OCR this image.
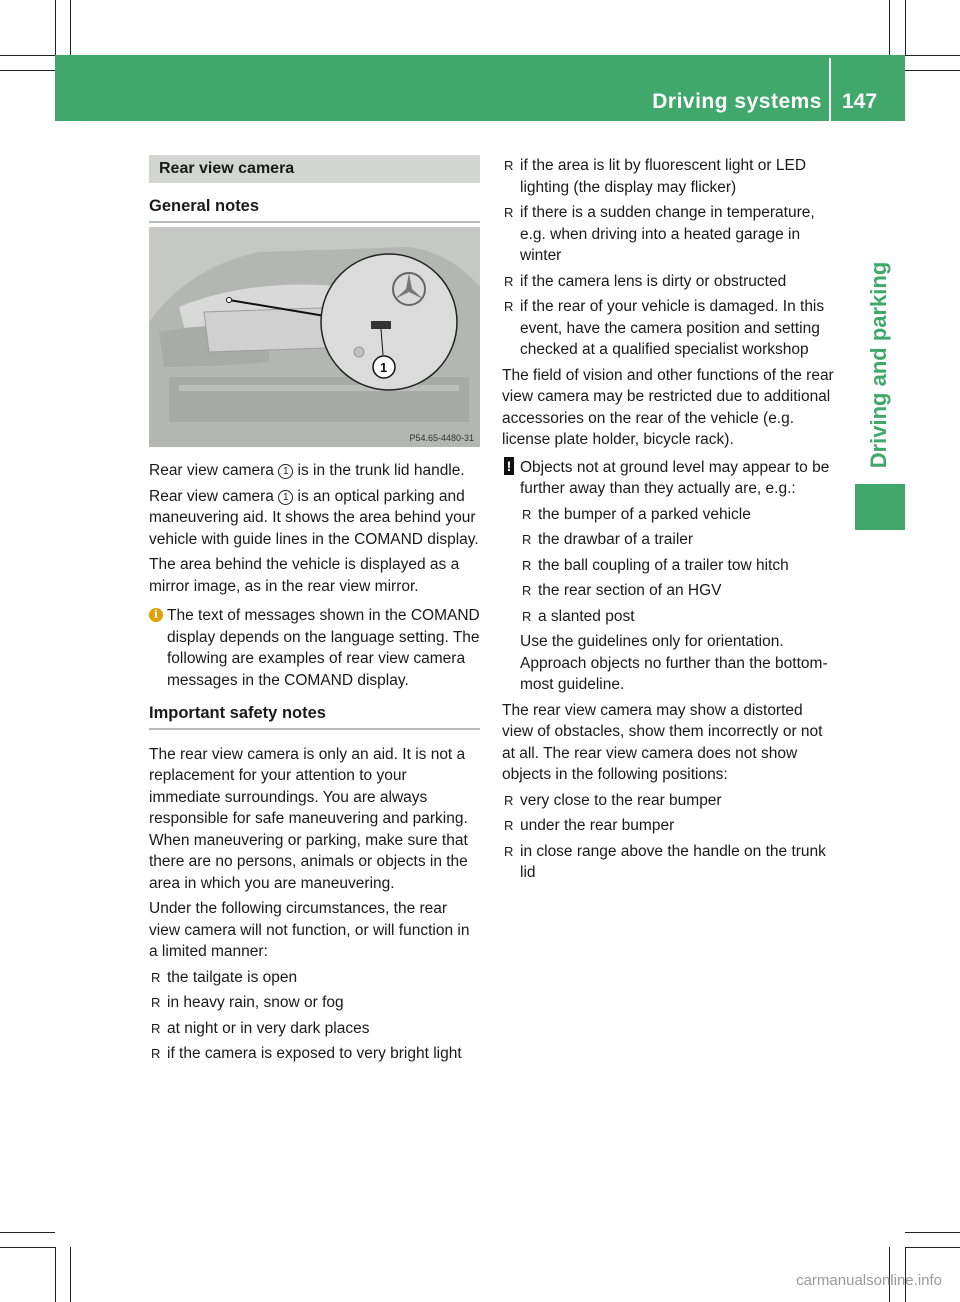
Driving systems 147
Driving and parking
Rear view camera
General notes
1
P54.65-4480-31

Rear view camera 1 is in the trunk lid handle.

Rear view camera 1 is an optical parking and maneuvering aid. It shows the area behind your vehicle with guide lines in the COMAND display.

The area behind the vehicle is displayed as a mirror image, as in the rear view mirror.

i The text of messages shown in the COMAND display depends on the language setting. The following are examples of rear view camera messages in the COMAND display.
Important safety notes

The rear view camera is only an aid. It is not a replacement for your attention to your immediate surroundings. You are always responsible for safe maneuvering and parking. When maneuvering or parking, make sure that there are no persons, animals or objects in the area in which you are maneuvering.

Under the following circumstances, the rear view camera will not function, or will function in a limited manner:

R the tailgate is open
R in heavy rain, snow or fog
R at night or in very dark places
R if the camera is exposed to very bright light
R if the area is lit by fluorescent light or LED lighting (the display may flicker)
R if there is a sudden change in temperature, e.g. when driving into a heated garage in winter
R if the camera lens is dirty or obstructed
R if the rear of your vehicle is damaged. In this event, have the camera position and setting checked at a qualified specialist workshop

The field of vision and other functions of the rear view camera may be restricted due to additional accessories on the rear of the vehicle (e.g. license plate holder, bicycle rack).

! Objects not at ground level may appear to be further away than they actually are, e.g.:
R the bumper of a parked vehicle
R the drawbar of a trailer
R the ball coupling of a trailer tow hitch
R the rear section of an HGV
R a slanted post

Use the guidelines only for orientation. Approach objects no further than the bottom-most guideline.

The rear view camera may show a distorted view of obstacles, show them incorrectly or not at all. The rear view camera does not show objects in the following positions:

R very close to the rear bumper
R under the rear bumper
R in close range above the handle on the trunk lid
carmanualsonline.info
